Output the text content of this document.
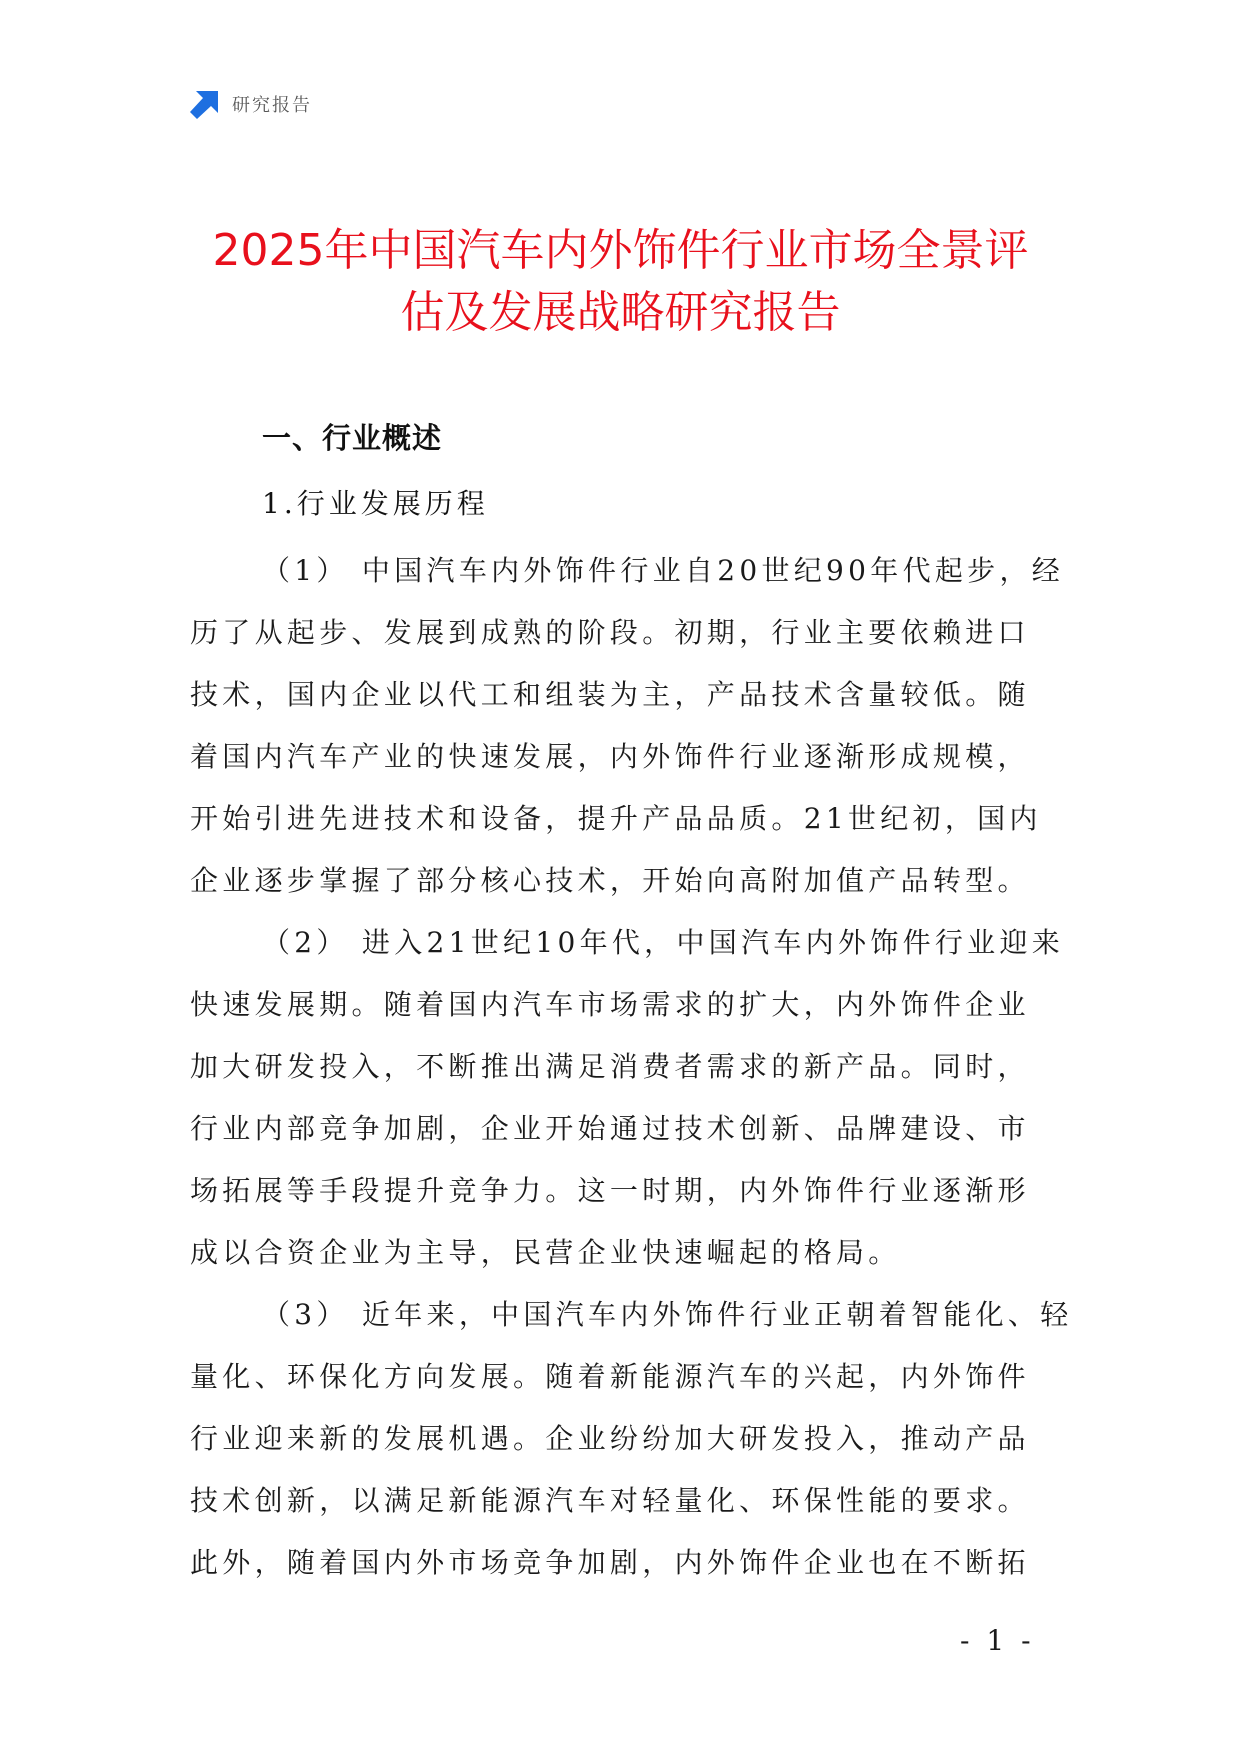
研究报告
2025年中国汽车内外饰件行业市场全景评
估及发展战略研究报告
一、行业概述
1.行业发展历程

（1） 中国汽车内外饰件行业自20世纪90年代起步，经
历了从起步、发展到成熟的阶段。初期，行业主要依赖进口
技术，国内企业以代工和组装为主，产品技术含量较低。随
着国内汽车产业的快速发展，内外饰件行业逐渐形成规模，
开始引进先进技术和设备，提升产品品质。21世纪初，国内
企业逐步掌握了部分核心技术，开始向高附加值产品转型。

（2） 进入21世纪10年代，中国汽车内外饰件行业迎来
快速发展期。随着国内汽车市场需求的扩大，内外饰件企业
加大研发投入，不断推出满足消费者需求的新产品。同时，
行业内部竞争加剧，企业开始通过技术创新、品牌建设、市
场拓展等手段提升竞争力。这一时期，内外饰件行业逐渐形
成以合资企业为主导，民营企业快速崛起的格局。

（3） 近年来，中国汽车内外饰件行业正朝着智能化、轻
量化、环保化方向发展。随着新能源汽车的兴起，内外饰件
行业迎来新的发展机遇。企业纷纷加大研发投入，推动产品
技术创新，以满足新能源汽车对轻量化、环保性能的要求。
此外，随着国内外市场竞争加剧，内外饰件企业也在不断拓

- 1 -
